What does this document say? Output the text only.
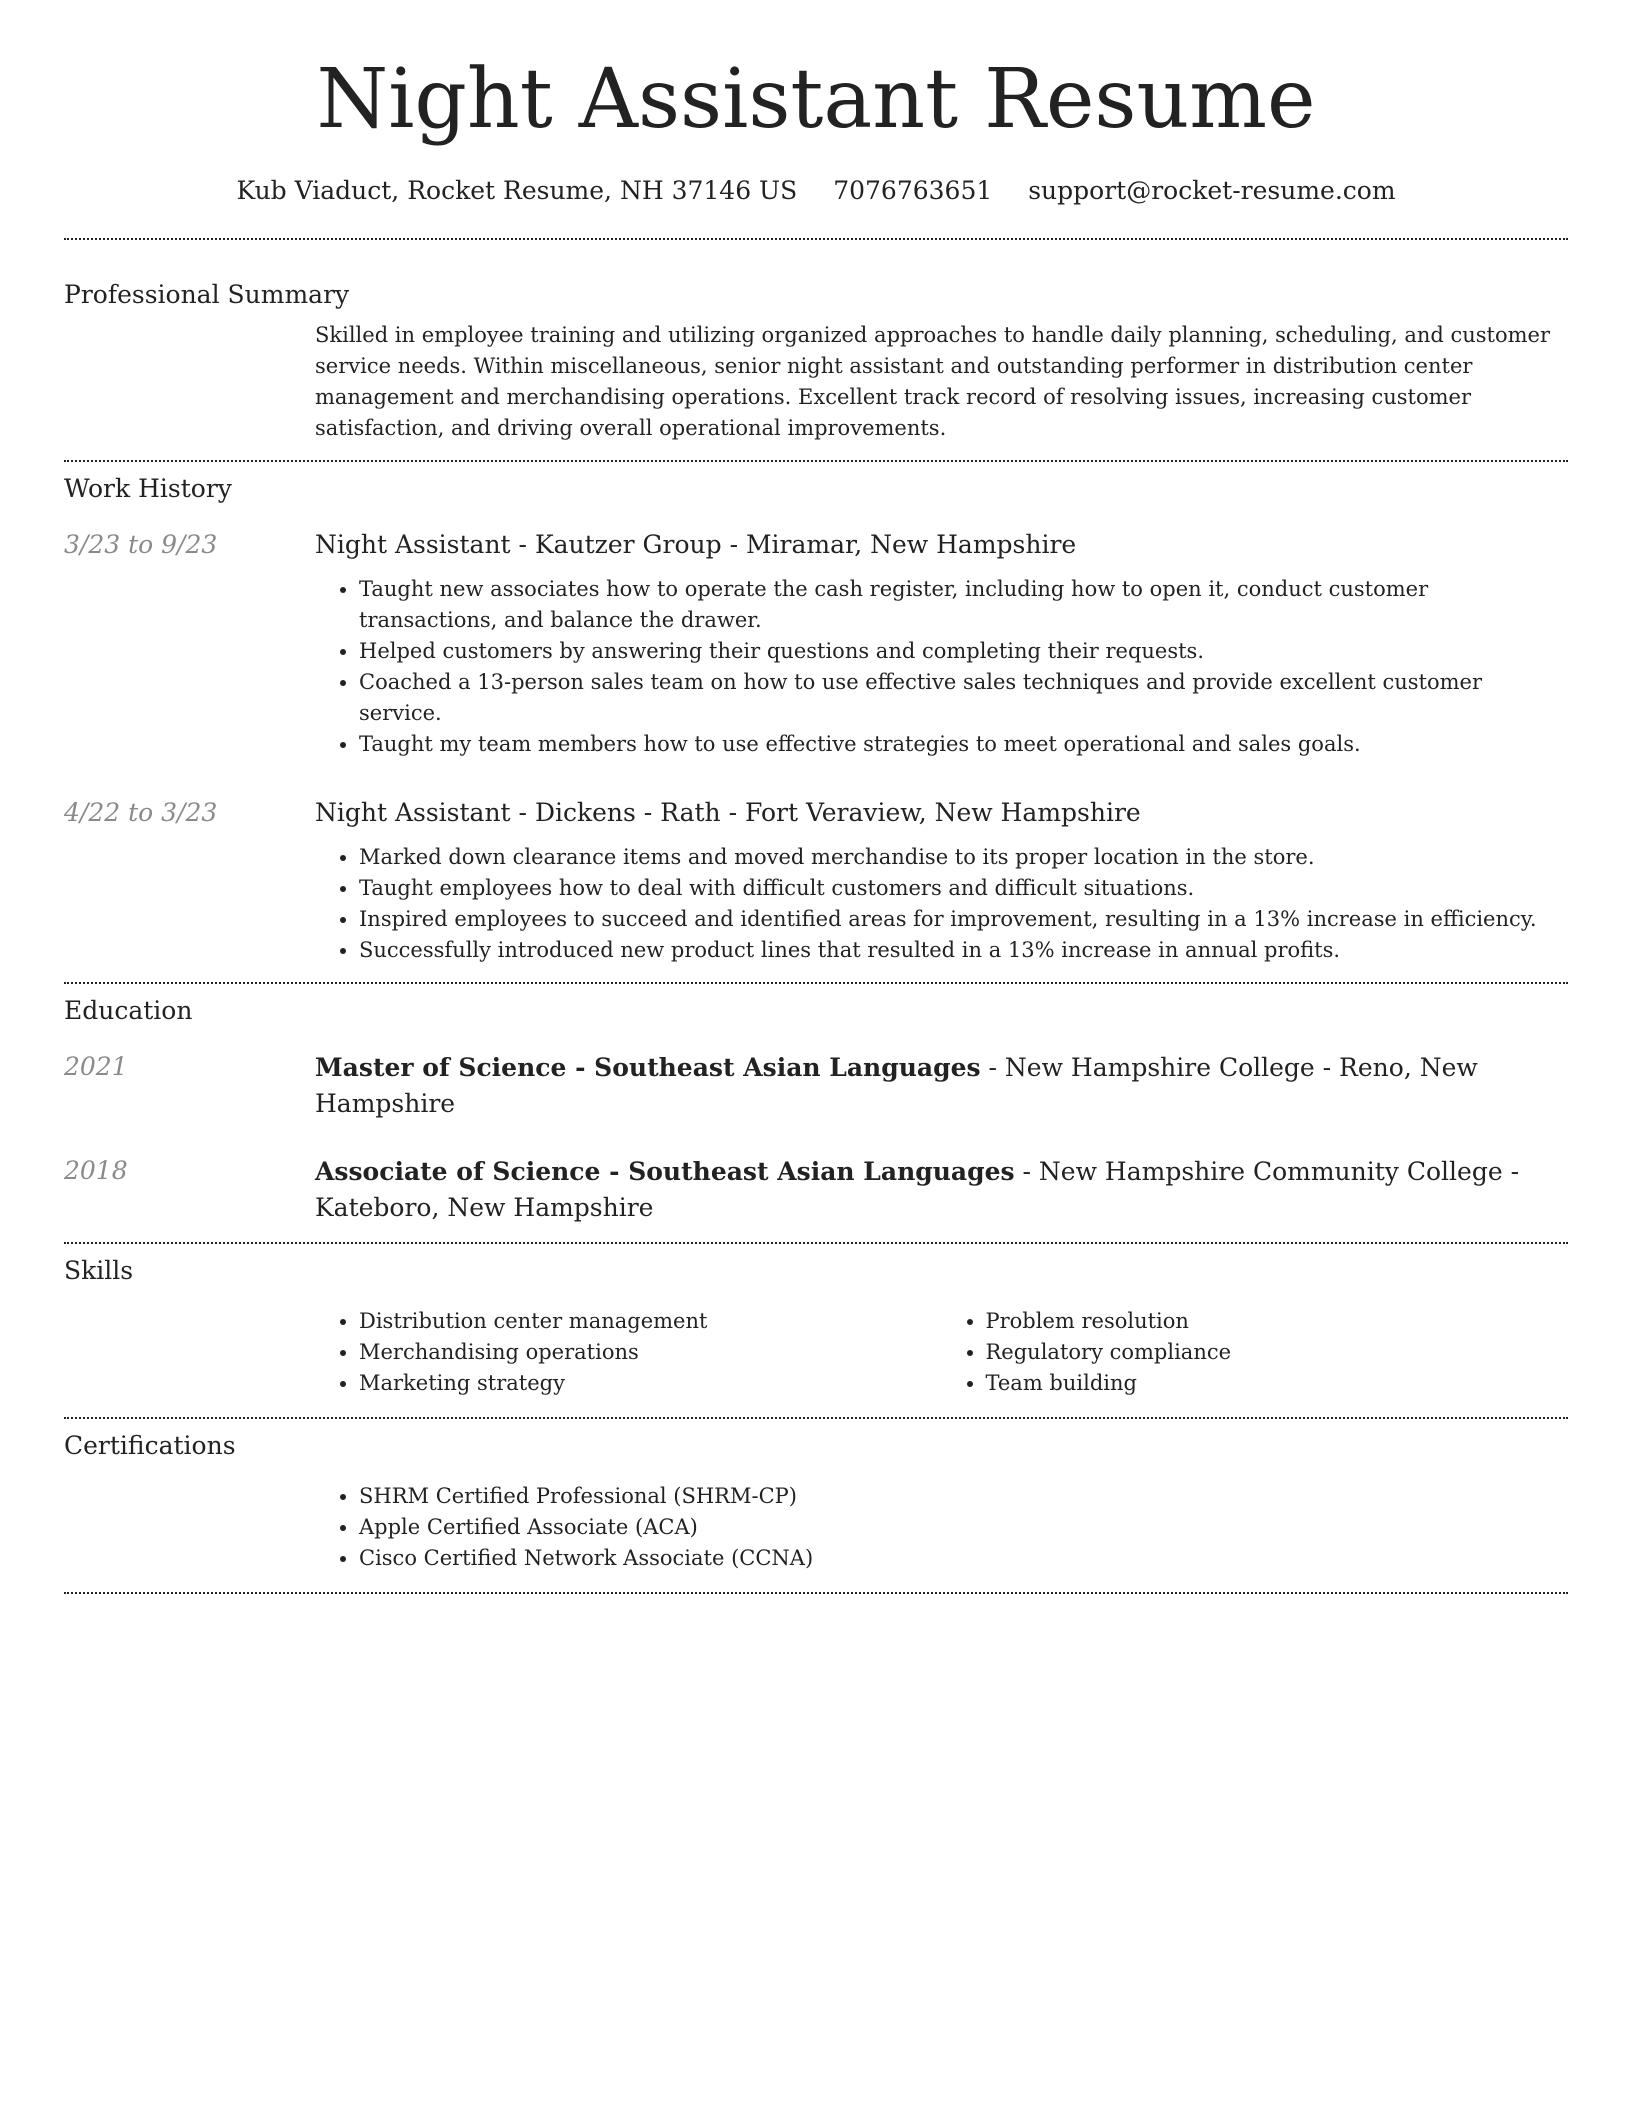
Night Assistant Resume
Kub Viaduct, Rocket Resume, NH 37146 US 7076763651 support@rocket-resume.com
Professional Summary

Skilled in employee training and utilizing organized approaches to handle daily planning, scheduling, and customer service needs. Within miscellaneous, senior night assistant and outstanding performer in distribution center management and merchandising operations. Excellent track record of resolving issues, increasing customer satisfaction, and driving overall operational improvements.

Work History
3/23 to 9/23	Night Assistant - Kautzer Group - Miramar, New Hampshire
• Taught new associates how to operate the cash register, including how to open it, conduct customer transactions, and balance the drawer.
• Helped customers by answering their questions and completing their requests.
• Coached a 13-person sales team on how to use effective sales techniques and provide excellent customer service.
• Taught my team members how to use effective strategies to meet operational and sales goals.
4/22 to 3/23	Night Assistant - Dickens - Rath - Fort Veraview, New Hampshire
• Marked down clearance items and moved merchandise to its proper location in the store.
• Taught employees how to deal with difficult customers and difficult situations.
• Inspired employees to succeed and identified areas for improvement, resulting in a 13% increase in efficiency.
• Successfully introduced new product lines that resulted in a 13% increase in annual profits.
Education
2021	Master of Science - Southeast Asian Languages - New Hampshire College - Reno, New Hampshire
2018	Associate of Science - Southeast Asian Languages - New Hampshire Community College - Kateboro, New Hampshire
Skills
• Distribution center management
• Merchandising operations
• Marketing strategy
• Problem resolution
• Regulatory compliance
• Team building
Certifications
• SHRM Certified Professional (SHRM-CP)
• Apple Certified Associate (ACA)
• Cisco Certified Network Associate (CCNA)
